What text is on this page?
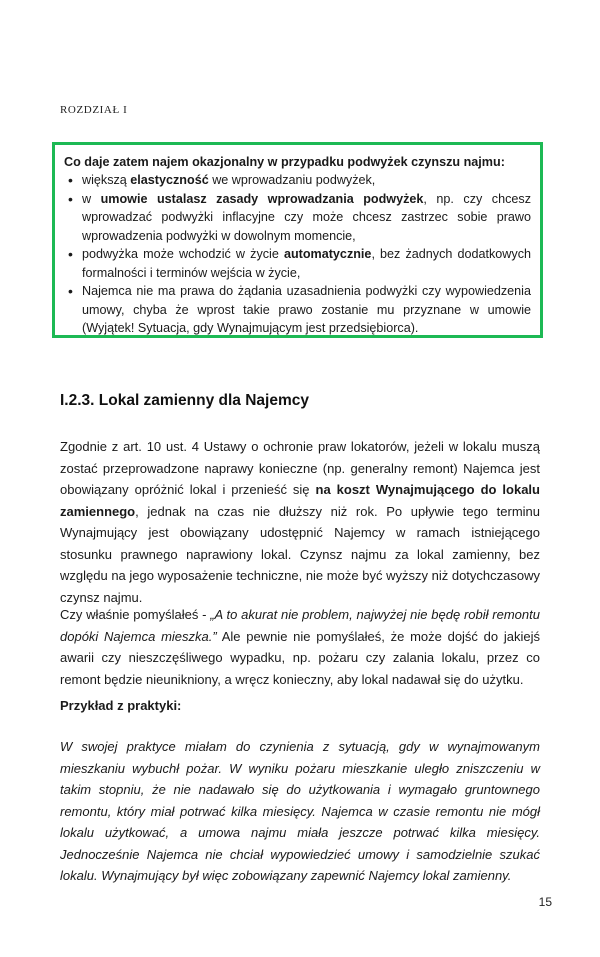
ROZDZIAŁ I
Co daje zatem najem okazjonalny w przypadku podwyżek czynszu najmu:
• większą elastyczność we wprowadzaniu podwyżek,
• w umowie ustalasz zasady wprowadzania podwyżek, np. czy chcesz wprowadzać podwyżki inflacyjne czy może chcesz zastrzec sobie prawo wprowadzenia podwyżki w dowolnym momencie,
• podwyżka może wchodzić w życie automatycznie, bez żadnych dodatkowych formalności i terminów wejścia w życie,
• Najemca nie ma prawa do żądania uzasadnienia podwyżki czy wypowiedzenia umowy, chyba że wprost takie prawo zostanie mu przyznane w umowie (Wyjątek! Sytuacja, gdy Wynajmującym jest przedsiębiorca).
I.2.3. Lokal zamienny dla Najemcy

Zgodnie z art. 10 ust. 4 Ustawy o ochronie praw lokatorów, jeżeli w lokalu muszą zostać przeprowadzone naprawy konieczne (np. generalny remont) Najemca jest obowiązany opróżnić lokal i przenieść się na koszt Wynajmującego do lokalu zamiennego, jednak na czas nie dłuższy niż rok. Po upływie tego terminu Wynajmujący jest obowiązany udostępnić Najemcy w ramach istniejącego stosunku prawnego naprawiony lokal. Czynsz najmu za lokal zamienny, bez względu na jego wyposażenie techniczne, nie może być wyższy niż dotychczasowy czynsz najmu.

Czy właśnie pomyślałeś - „A to akurat nie problem, najwyżej nie będę robił remontu dopóki Najemca mieszka.” Ale pewnie nie pomyślałeś, że może dojść do jakiejś awarii czy nieszczęśliwego wypadku, np. pożaru czy zalania lokalu, przez co remont będzie nieunikniony, a wręcz konieczny, aby lokal nadawał się do użytku.

Przykład z praktyki:

W swojej praktyce miałam do czynienia z sytuacją, gdy w wynajmowanym mieszkaniu wybuchł pożar. W wyniku pożaru mieszkanie uległo zniszczeniu w takim stopniu, że nie nadawało się do użytkowania i wymagało gruntownego remontu, który miał potrwać kilka miesięcy. Najemca w czasie remontu nie mógł lokalu użytkować, a umowa najmu miała jeszcze potrwać kilka miesięcy. Jednocześnie Najemca nie chciał wypowiedzieć umowy i samodzielnie szukać lokalu. Wynajmujący był więc zobowiązany zapewnić Najemcy lokal zamienny.

15
